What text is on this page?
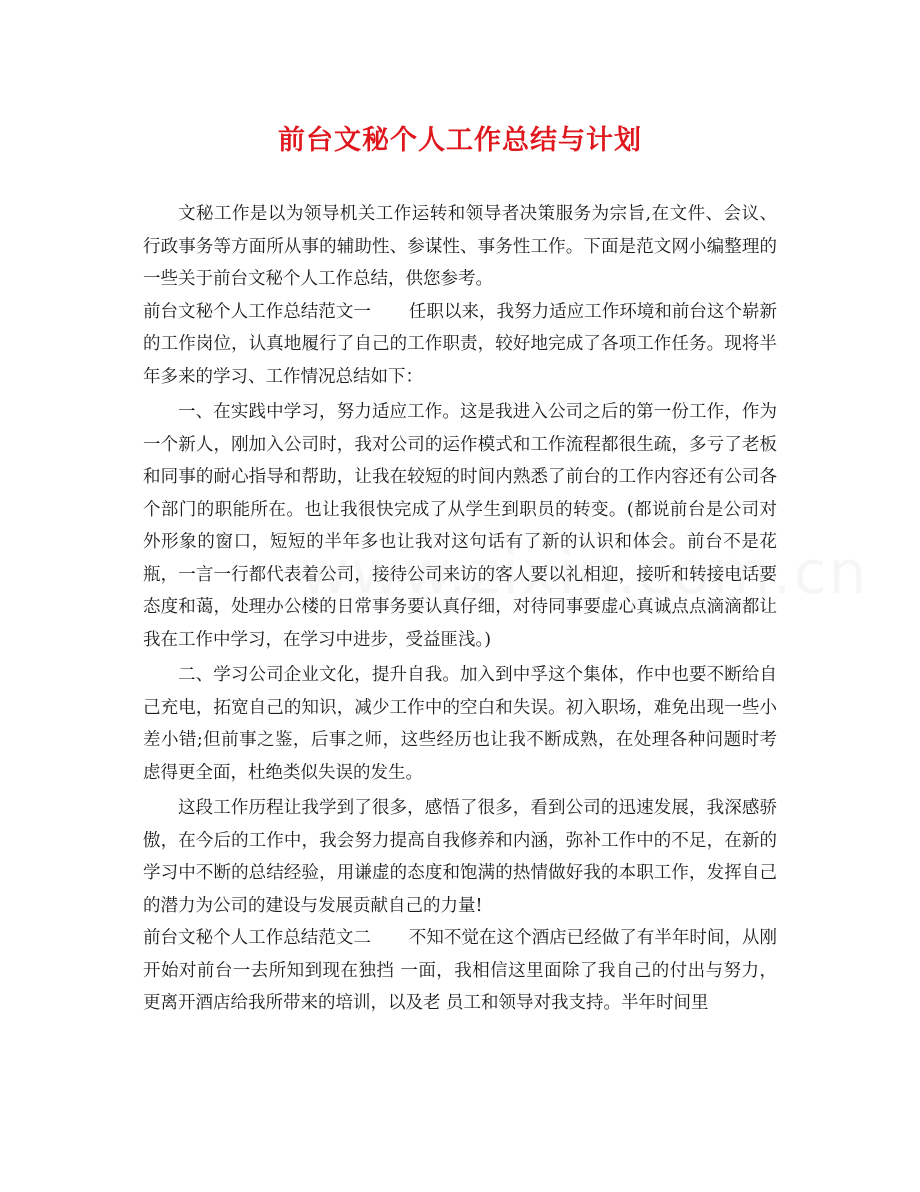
前台文秘个人工作总结与计划

文秘工作是以为领导机关工作运转和领导者决策服务为宗旨,在文件、会议、行政事务等方面所从事的辅助性、参谋性、事务性工作。下面是范文网小编整理的一些关于前台文秘个人工作总结，供您参考。

前台文秘个人工作总结范文一 任职以来，我努力适应工作环境和前台这个崭新的工作岗位，认真地履行了自己的工作职责，较好地完成了各项工作任务。现将半年多来的学习、工作情况总结如下：

一、在实践中学习，努力适应工作。这是我进入公司之后的第一份工作，作为一个新人，刚加入公司时，我对公司的运作模式和工作流程都很生疏，多亏了老板和同事的耐心指导和帮助，让我在较短的时间内熟悉了前台的工作内容还有公司各个部门的职能所在。也让我很快完成了从学生到职员的转变。(都说前台是公司对外形象的窗口，短短的半年多也让我对这句话有了新的认识和体会。前台不是花瓶，一言一行都代表着公司，接待公司来访的客人要以礼相迎，接听和转接电话要态度和蔼，处理办公楼的日常事务要认真仔细，对待同事要虚心真诚点点滴滴都让我在工作中学习，在学习中进步，受益匪浅。)

二、学习公司企业文化，提升自我。加入到中孚这个集体，作中也要不断给自己充电，拓宽自己的知识，减少工作中的空白和失误。初入职场，难免出现一些小差小错;但前事之鉴，后事之师，这些经历也让我不断成熟，在处理各种问题时考虑得更全面，杜绝类似失误的发生。

这段工作历程让我学到了很多，感悟了很多，看到公司的迅速发展，我深感骄傲，在今后的工作中，我会努力提高自我修养和内涵，弥补工作中的不足，在新的学习中不断的总结经验，用谦虚的态度和饱满的热情做好我的本职工作，发挥自己的潜力为公司的建设与发展贡献自己的力量!

前台文秘个人工作总结范文二 不知不觉在这个酒店已经做了有半年时间，从刚开始对前台一去所知到现在独挡 一面，我相信这里面除了我自己的付出与努力，更离开酒店给我所带来的培训，以及老 员工和领导对我支持。半年时间里
